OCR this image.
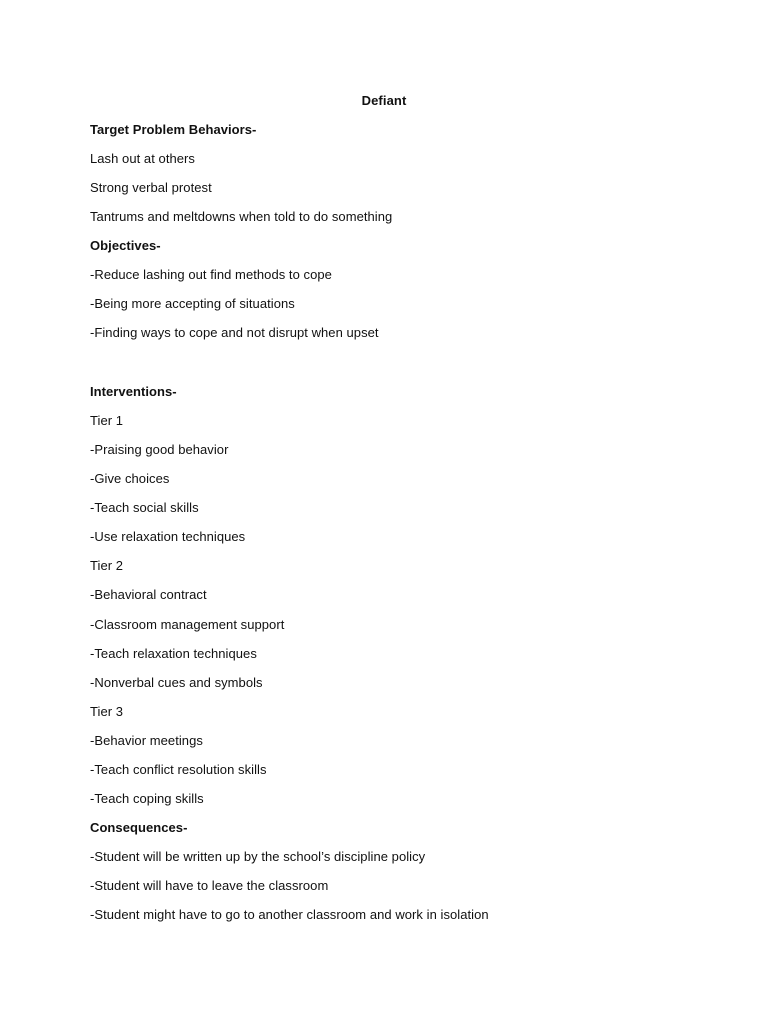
Defiant
Target Problem Behaviors-
Lash out at others
Strong verbal protest
Tantrums and meltdowns when told to do something
Objectives-
-Reduce lashing out find methods to cope
-Being more accepting of situations
-Finding ways to cope and not disrupt when upset
Interventions-
Tier 1
-Praising good behavior
-Give choices
-Teach social skills
-Use relaxation techniques
Tier 2
-Behavioral contract
-Classroom management support
-Teach relaxation techniques
-Nonverbal cues and symbols
Tier 3
-Behavior meetings
-Teach conflict resolution skills
-Teach coping skills
Consequences-
-Student will be written up by the school’s discipline policy
-Student will have to leave the classroom
-Student might have to go to another classroom and work in isolation
